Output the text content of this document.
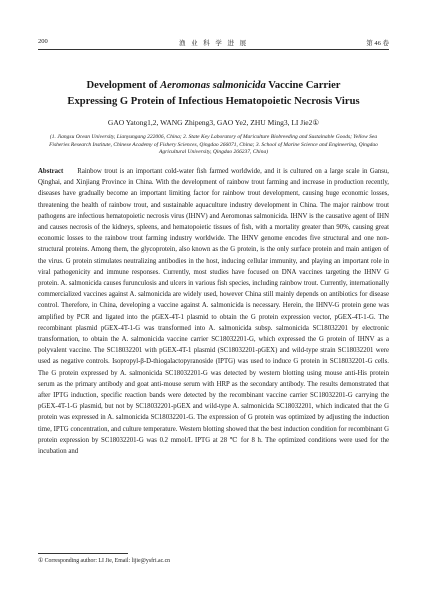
200	渔 业 科 学 进 展	第 46 卷
Development of Aeromonas salmonicida Vaccine Carrier
Expressing G Protein of Infectious Hematopoietic Necrosis Virus
GAO Yatong1,2, WANG Zhipeng3, GAO Ye2, ZHU Ming3, LI Jie2①
(1. Jiangsu Ocean University, Lianyungang 222006, China; 2. State Key Laboratory of Mariculture Biobreeding and Sustainable Goods; Yellow Sea Fisheries Research Institute, Chinese Academy of Fishery Sciences, Qingdao 266071, China; 3. School of Marine Science and Engineering, Qingdao Agricultural University, Qingdao 266237, China)
Abstract Rainbow trout is an important cold-water fish farmed worldwide, and it is cultured on a large scale in Gansu, Qinghai, and Xinjiang Province in China. With the development of rainbow trout farming and increase in production recently, diseases have gradually become an important limiting factor for rainbow trout development, causing huge economic losses, threatening the health of rainbow trout, and sustainable aquaculture industry development in China. The major rainbow trout pathogens are infectious hematopoietic necrosis virus (IHNV) and Aeromonas salmonicida. IHNV is the causative agent of IHN and causes necrosis of the kidneys, spleens, and hematopoietic tissues of fish, with a mortality greater than 90%, causing great economic losses to the rainbow trout farming industry worldwide. The IHNV genome encodes five structural and one non-structural proteins. Among them, the glycoprotein, also known as the G protein, is the only surface protein and main antigen of the virus. G protein stimulates neutralizing antibodies in the host, inducing cellular immunity, and playing an important role in viral pathogenicity and immune responses. Currently, most studies have focused on DNA vaccines targeting the IHNV G protein. A. salmonicida causes furunculosis and ulcers in various fish species, including rainbow trout. Currently, internationally commercialized vaccines against A. salmonicida are widely used, however China still mainly depends on antibiotics for disease control. Therefore, in China, developing a vaccine against A. salmonicida is necessary. Herein, the IHNV-G protein gene was amplified by PCR and ligated into the pGEX-4T-1 plasmid to obtain the G protein expression vector, pGEX-4T-1-G. The recombinant plasmid pGEX-4T-1-G was transformed into A. salmonicida subsp. salmonicida SC18032201 by electronic transformation, to obtain the A. salmonicida vaccine carrier SC18032201-G, which expressed the G protein of IHNV as a polyvalent vaccine. The SC18032201 with pGEX-4T-1 plasmid (SC18032201-pGEX) and wild-type strain SC18032201 were used as negative controls. Isopropyl-β-D-thiogalactopyranoside (IPTG) was used to induce G protein in SC18032201-G cells. The G protein expressed by A. salmonicida SC18032201-G was detected by western blotting using mouse anti-His protein serum as the primary antibody and goat anti-mouse serum with HRP as the secondary antibody. The results demonstrated that after IPTG induction, specific reaction bands were detected by the recombinant vaccine carrier SC18032201-G carrying the pGEX-4T-1-G plasmid, but not by SC18032201-pGEX and wild-type A. salmonicida SC18032201, which indicated that the G protein was expressed in A. salmonicida SC18032201-G. The expression of G protein was optimized by adjusting the induction time, IPTG concentration, and culture temperature. Western blotting showed that the best induction condition for recombinant G protein expression by SC18032201-G was 0.2 mmol/L IPTG at 28 ℃ for 8 h. The optimized conditions were used for the incubation and
① Corresponding author: LI Jie, Email: lijie@ysfri.ac.cn
